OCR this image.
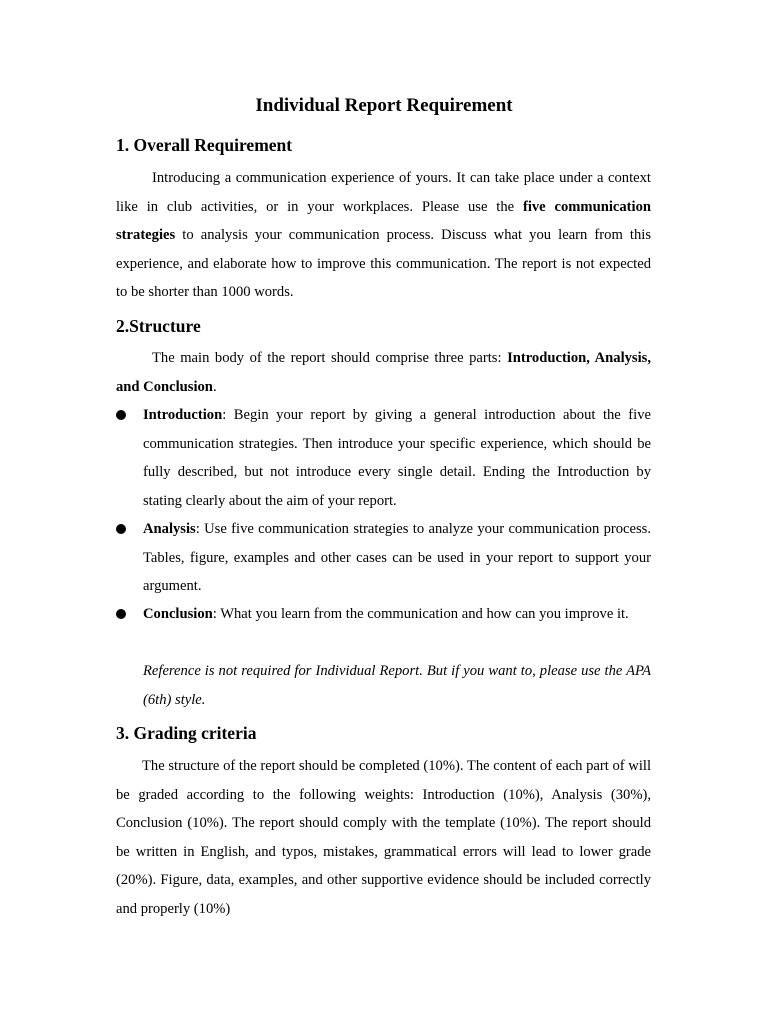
Individual Report Requirement
1. Overall Requirement
Introducing a communication experience of yours. It can take place under a context like in club activities, or in your workplaces. Please use the five communication strategies to analysis your communication process. Discuss what you learn from this experience, and elaborate how to improve this communication. The report is not expected to be shorter than 1000 words.
2.Structure
The main body of the report should comprise three parts: Introduction, Analysis, and Conclusion.
Introduction: Begin your report by giving a general introduction about the five communication strategies. Then introduce your specific experience, which should be fully described, but not introduce every single detail. Ending the Introduction by stating clearly about the aim of your report.
Analysis: Use five communication strategies to analyze your communication process. Tables, figure, examples and other cases can be used in your report to support your argument.
Conclusion: What you learn from the communication and how can you improve it.
Reference is not required for Individual Report. But if you want to, please use the APA (6th) style.
3. Grading criteria
The structure of the report should be completed (10%). The content of each part of will be graded according to the following weights: Introduction (10%), Analysis (30%), Conclusion (10%). The report should comply with the template (10%). The report should be written in English, and typos, mistakes, grammatical errors will lead to lower grade (20%). Figure, data, examples, and other supportive evidence should be included correctly and properly (10%)
